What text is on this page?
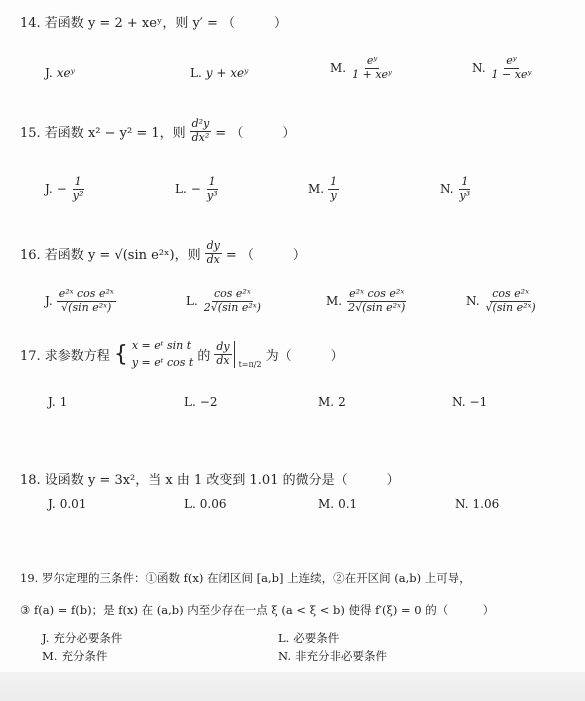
14. 若函数 y = 2 + xeʸ，则 y′ = （　　　）
J. xeʸ	L. y + xeʸ	M. $\frac{\text{eʸ}}{\text{1 + xeʸ}}$	N. $\frac{\text{eʸ}}{\text{1 − xeʸ}}$
15. 若函数 x² − y² = 1，则 $\frac{\text{d²y}}{\text{dx²}}$ = （　　　）
J. − $\frac{1}{\text{y²}}$	L. − $\frac{1}{\text{y³}}$	M. $\frac{1}{y}$	N. $\frac{1}{\text{y³}}$
16. 若函数 y = √(sin e²ˣ)，则 $\frac{dy}{dx}$ = （　　　）
J. $\frac{\text{e²ˣ cos e²ˣ}}{\text{√(sin e²ˣ)}}$	L. $\frac{\text{cos e²ˣ}}{\text{2√(sin e²ˣ)}}$	M. $\frac{\text{e²ˣ cos e²ˣ}}{\text{2√(sin e²ˣ)}}$	N. $\frac{\text{cos e²ˣ}}{\text{√(sin e²ˣ)}}$
17. 求参数方程 { x = eᵗ sin t
y = eᵗ cos t 的 $\frac{dy}{dx} t=\pi/2$
为（　　　）
J. 1	L. −2	M. 2	N. −1
18. 设函数 y = 3x²，当 x 由 1 改变到 1.01 的微分是（　　　）
J. 0.01	L. 0.06	M. 0.1	N. 1.06
19. 罗尔定理的三条件：①函数 f(x) 在闭区间 [a,b] 上连续，②在开区间 (a,b) 上可导，
③ f(a) = f(b)；是 f(x) 在 (a,b) 内至少存在一点 ξ (a < ξ < b) 使得 f′(ξ) = 0 的（　　　）
J. 充分必要条件	L. 必要条件
M. 充分条件	N. 非充分非必要条件
